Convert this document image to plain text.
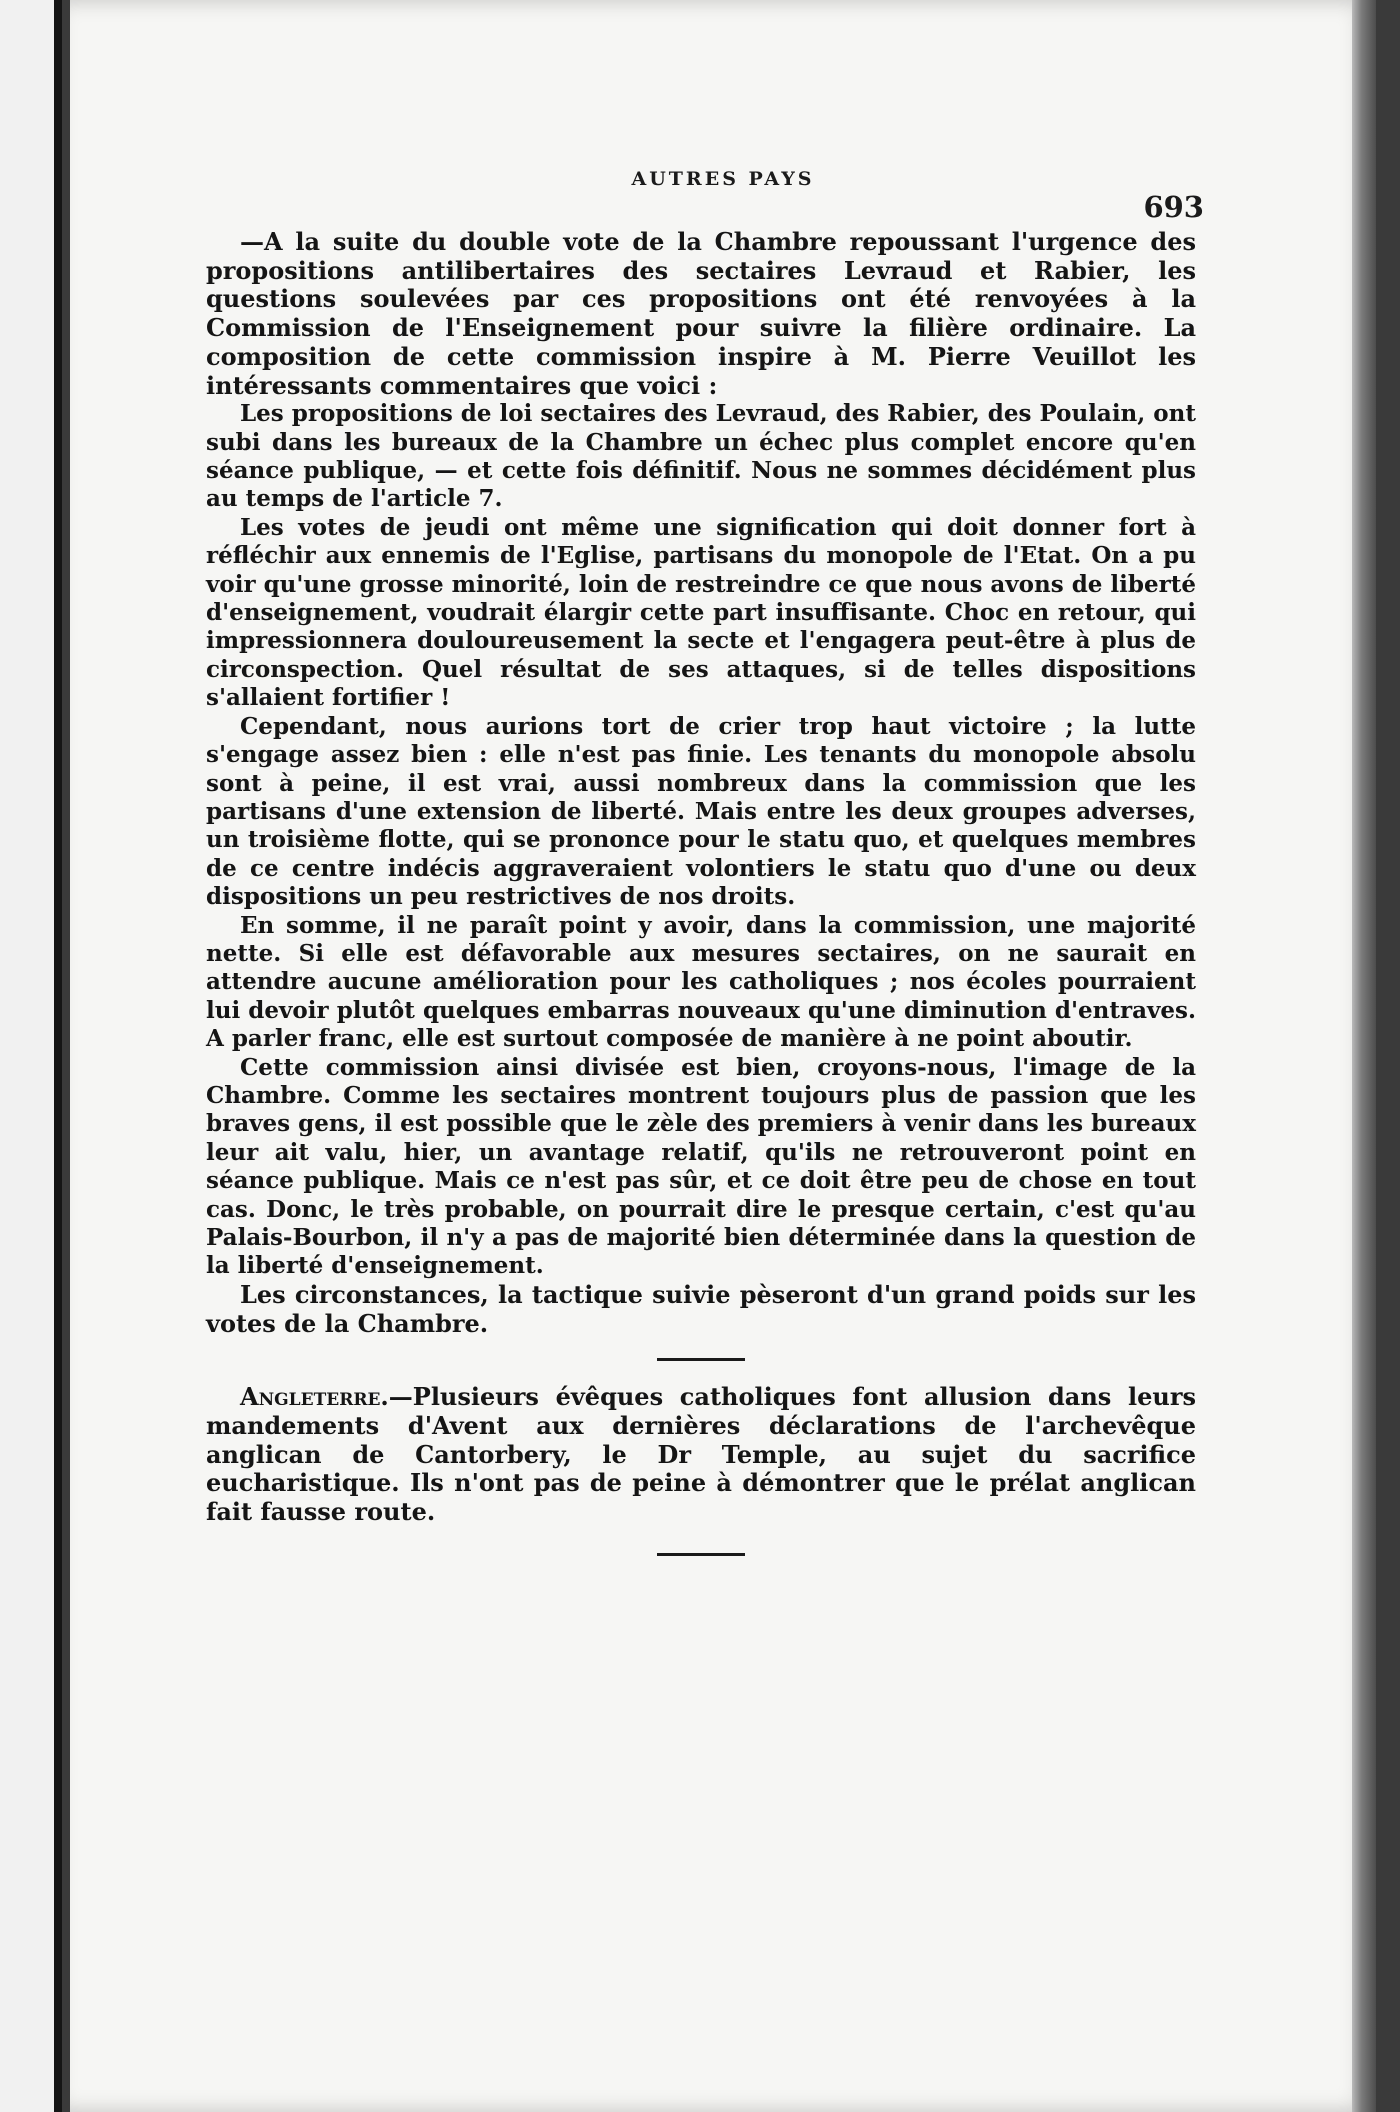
AUTRES PAYS
693

—A la suite du double vote de la Chambre repoussant l'urgence des propositions antilibertaires des sectaires Levraud et Rabier, les questions soulevées par ces propositions ont été renvoyées à la Commission de l'Enseignement pour suivre la filière ordinaire. La composition de cette commission inspire à M. Pierre Veuillot les intéressants commentaires que voici :

Les propositions de loi sectaires des Levraud, des Rabier, des Poulain, ont subi dans les bureaux de la Chambre un échec plus complet encore qu'en séance publique, — et cette fois définitif. Nous ne sommes décidément plus au temps de l'article 7.

Les votes de jeudi ont même une signification qui doit donner fort à réfléchir aux ennemis de l'Eglise, partisans du monopole de l'Etat. On a pu voir qu'une grosse minorité, loin de restreindre ce que nous avons de liberté d'enseignement, voudrait élargir cette part insuffisante. Choc en retour, qui impressionnera douloureusement la secte et l'engagera peut-être à plus de circonspection. Quel résultat de ses attaques, si de telles dispositions s'allaient fortifier !

Cependant, nous aurions tort de crier trop haut victoire ; la lutte s'engage assez bien : elle n'est pas finie. Les tenants du monopole absolu sont à peine, il est vrai, aussi nombreux dans la commission que les partisans d'une extension de liberté. Mais entre les deux groupes adverses, un troisième flotte, qui se prononce pour le statu quo, et quelques membres de ce centre indécis aggraveraient volontiers le statu quo d'une ou deux dispositions un peu restrictives de nos droits.

En somme, il ne paraît point y avoir, dans la commission, une majorité nette. Si elle est défavorable aux mesures sectaires, on ne saurait en attendre aucune amélioration pour les catholiques ; nos écoles pourraient lui devoir plutôt quelques embarras nouveaux qu'une diminution d'entraves. A parler franc, elle est surtout composée de manière à ne point aboutir.

Cette commission ainsi divisée est bien, croyons-nous, l'image de la Chambre. Comme les sectaires montrent toujours plus de passion que les braves gens, il est possible que le zèle des premiers à venir dans les bureaux leur ait valu, hier, un avantage relatif, qu'ils ne retrouveront point en séance publique. Mais ce n'est pas sûr, et ce doit être peu de chose en tout cas. Donc, le très probable, on pourrait dire le presque certain, c'est qu'au Palais-Bourbon, il n'y a pas de majorité bien déterminée dans la question de la liberté d'enseignement.

Les circonstances, la tactique suivie pèseront d'un grand poids sur les votes de la Chambre.

Angleterre.—Plusieurs évêques catholiques font allusion dans leurs mandements d'Avent aux dernières déclarations de l'archevêque anglican de Cantorbery, le Dr Temple, au sujet du sacrifice eucharistique. Ils n'ont pas de peine à démontrer que le prélat anglican fait fausse route.
